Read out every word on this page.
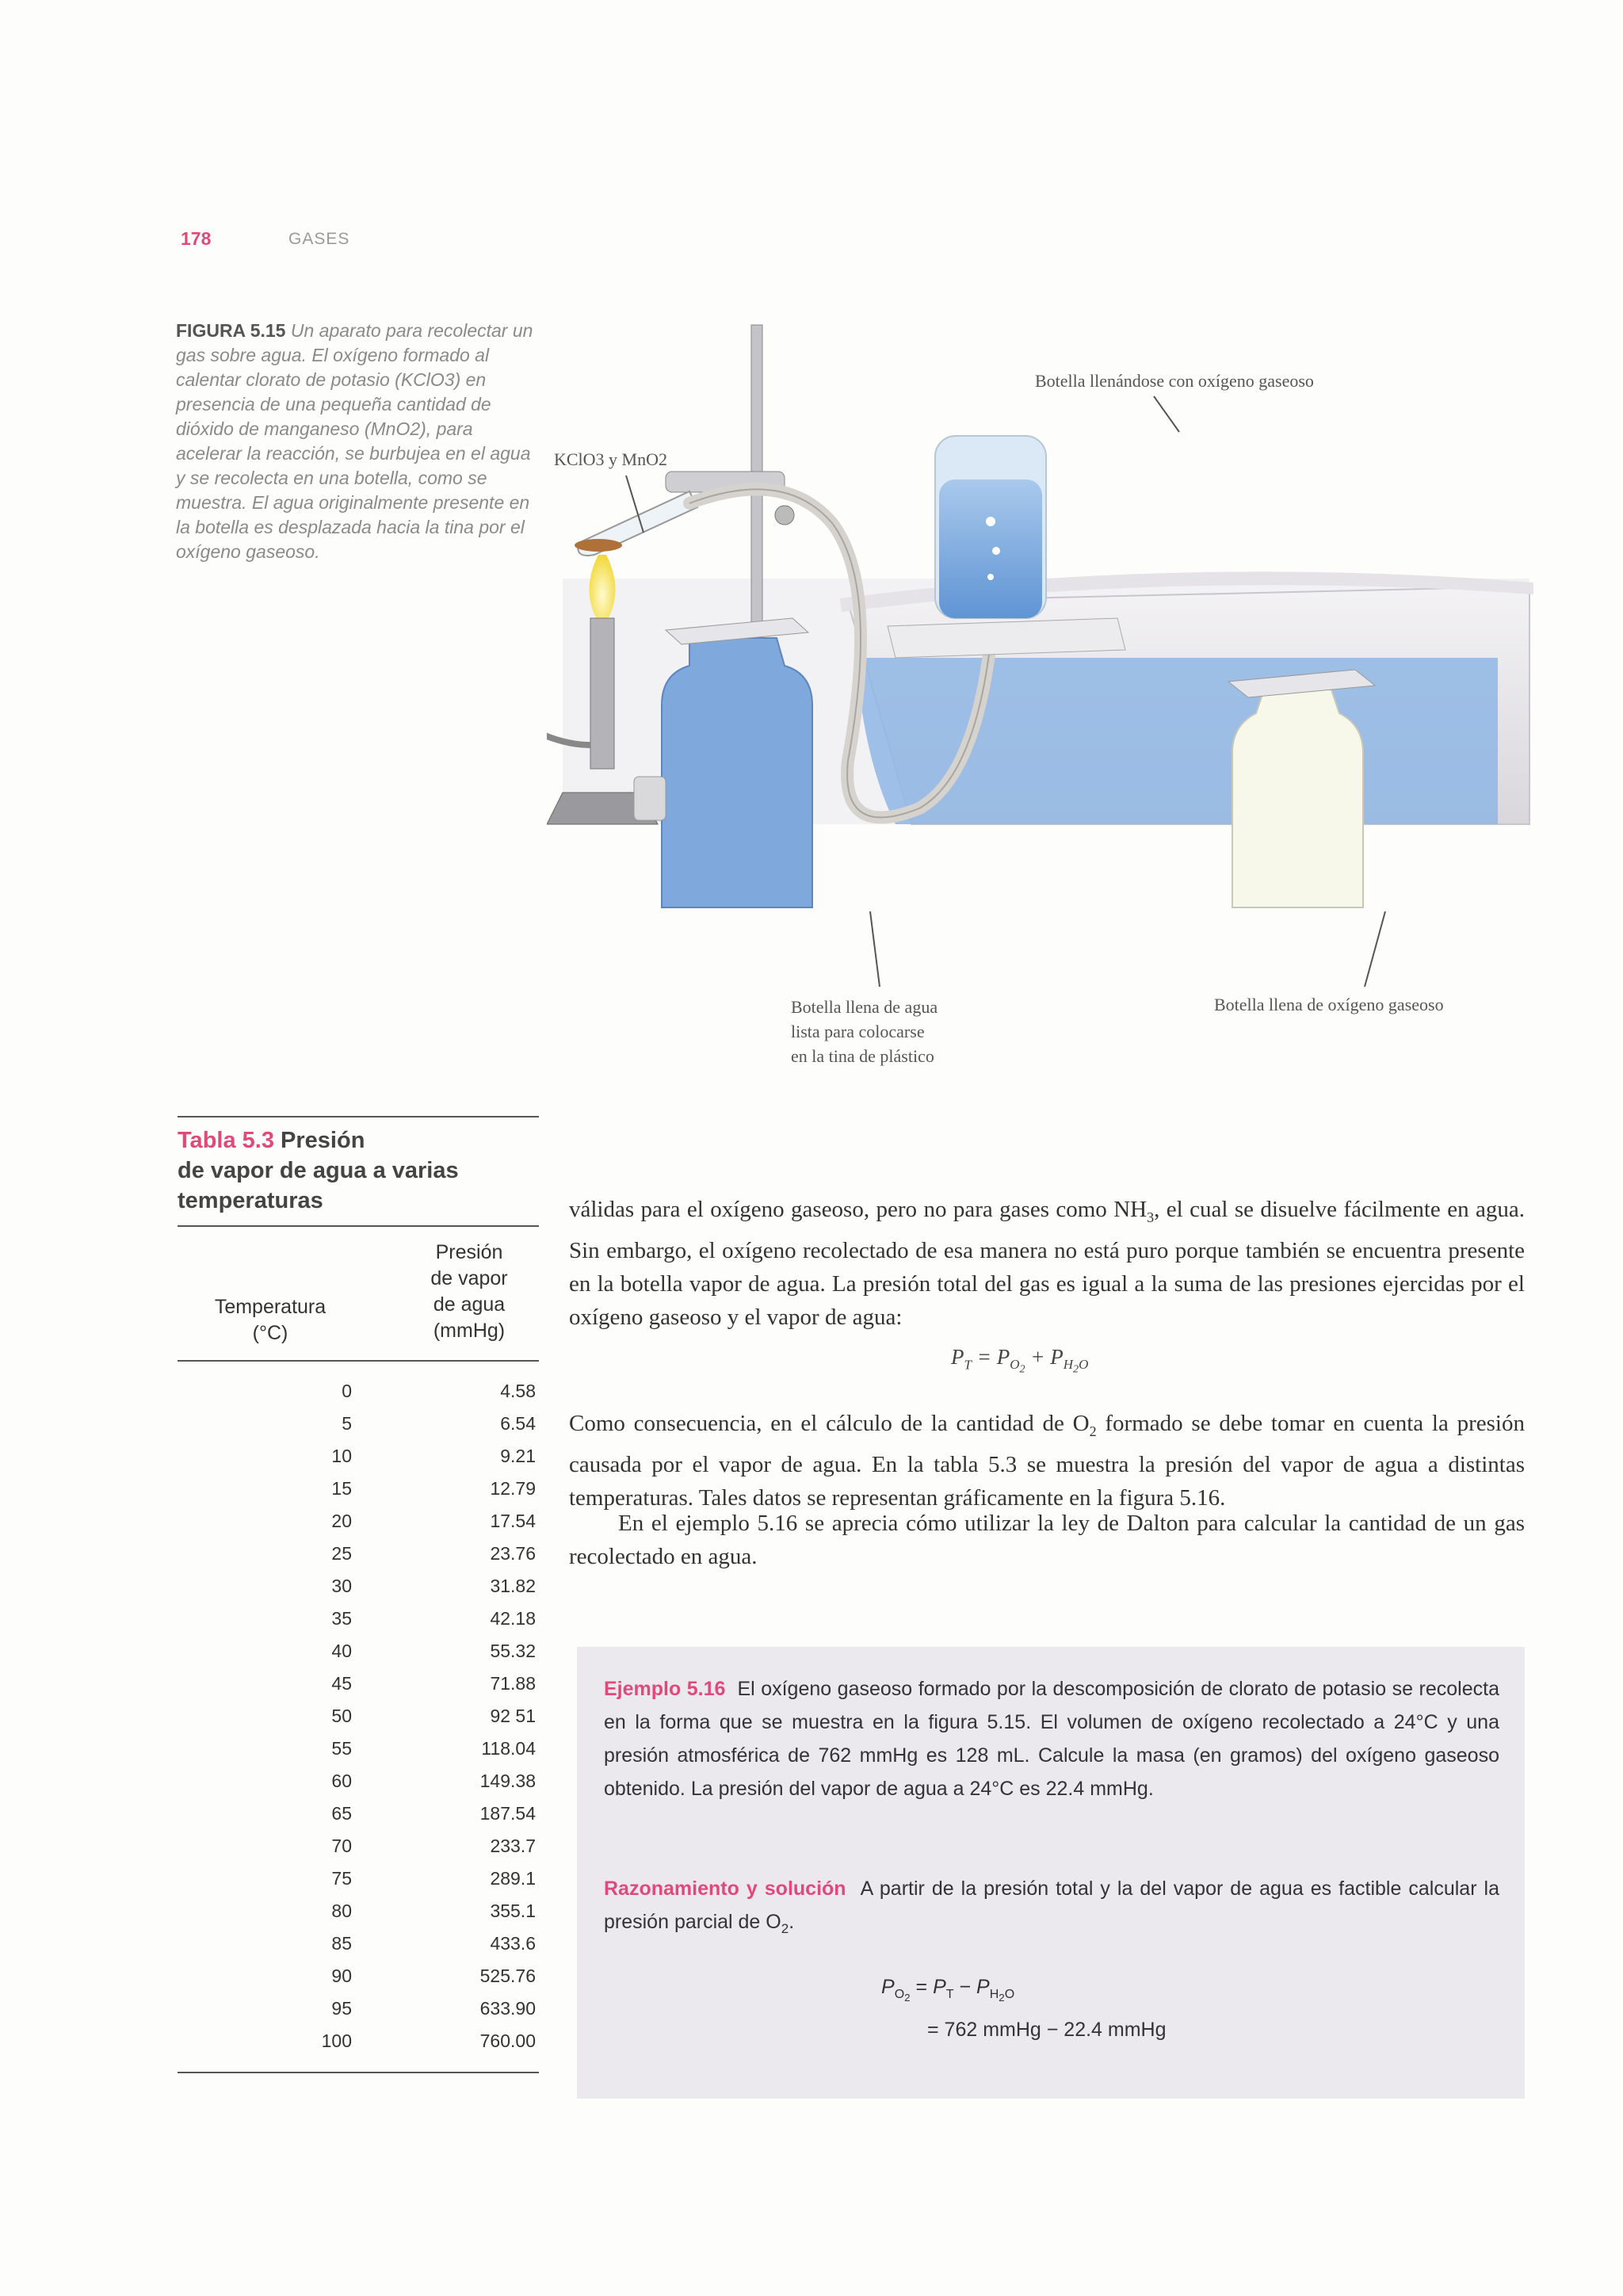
178	GASES
FIGURA 5.15 Un aparato para recolectar un gas sobre agua. El oxígeno formado al calentar clorato de potasio (KClO3) en presencia de una pequeña cantidad de dióxido de manganeso (MnO2), para acelerar la reacción, se burbujea en el agua y se recolecta en una botella, como se muestra. El agua originalmente presente en la botella es desplazada hacia la tina por el oxígeno gaseoso.
KClO3 y MnO2
Botella llenándose con oxígeno gaseoso
Botella llena de agua
lista para colocarse
en la tina de plástico
Botella llena de oxígeno gaseoso
Tabla 5.3 Presión
de vapor de agua a varias
temperaturas
Temperatura
(°C)
Presión
de vapor
de agua
(mmHg)
0	4.58
5	6.54
10	9.21
15	12.79
20	17.54
25	23.76
30	31.82
35	42.18
40	55.32
45	71.88
50	92 51
55	118.04
60	149.38
65	187.54
70	233.7
75	289.1
80	355.1
85	433.6
90	525.76
95	633.90
100	760.00
válidas para el oxígeno gaseoso, pero no para gases como $NH_3$, el cual se disuelve fácilmente en agua. Sin embargo, el oxígeno recolectado de esa manera no está puro porque también se encuentra presente en la botella vapor de agua. La presión total del gas es igual a la suma de las presiones ejercidas por el oxígeno gaseoso y el vapor de agua:
$P_T = P_{O_2} + P_{H_2O}$
Como consecuencia, en el cálculo de la cantidad de $O_2$ formado se debe tomar en cuenta la presión causada por el vapor de agua. En la tabla 5.3 se muestra la presión del vapor de agua a distintas temperaturas. Tales datos se representan gráficamente en la figura 5.16.
En el ejemplo 5.16 se aprecia cómo utilizar la ley de Dalton para calcular la cantidad de un gas recolectado en agua.
Ejemplo 5.16 El oxígeno gaseoso formado por la descomposición de clorato de potasio se recolecta en la forma que se muestra en la figura 5.15. El volumen de oxígeno recolectado a 24°C y una presión atmosférica de 762 mmHg es 128 mL. Calcule la masa (en gramos) del oxígeno gaseoso obtenido. La presión del vapor de agua a 24°C es 22.4 mmHg.
Razonamiento y solución  A partir de la presión total y la del vapor de agua es factible calcular la presión parcial de $O_2$.
$P_{O_2} = P_T - P_{H_2O}$
= 762 mmHg − 22.4 mmHg
